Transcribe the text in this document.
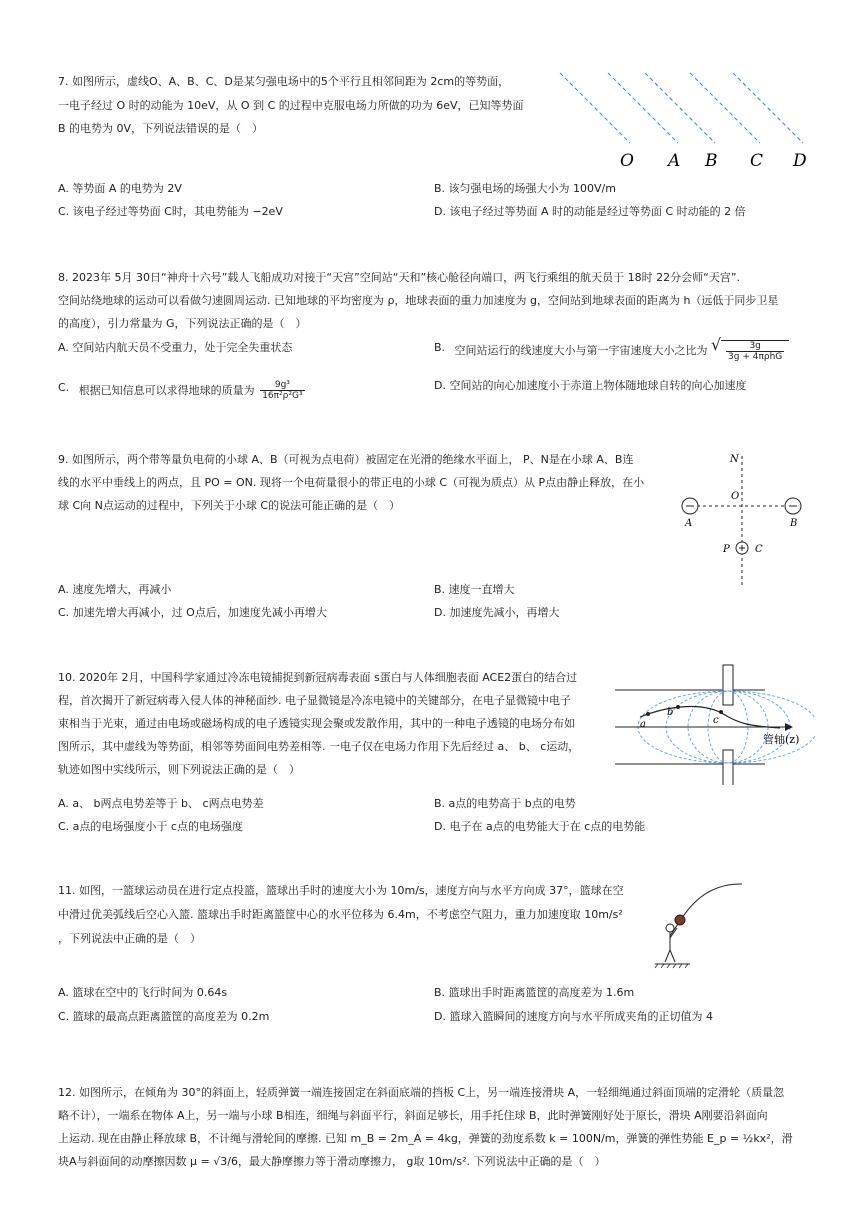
7. 如图所示，虚线O、A、B、C、D是某匀强电场中的5个平行且相邻间距为 2cm的等势面，
一电子经过 O 时的动能为 10eV，从 O 到 C 的过程中克服电场力所做的功为 6eV，已知等势面
B 的电势为 0V，下列说法错误的是（　）
A. 等势面 A 的电势为 2V	B. 该匀强电场的场强大小为 100V/m
C. 该电子经过等势面 C时，其电势能为 −2eV	D. 该电子经过等势面 A 时的动能是经过等势面 C 时动能的 2 倍
O A B C D
8. 2023年 5月 30日“神舟十六号”载人飞船成功对接于“天宫”空间站“天和”核心舱径向端口，两飞行乘组的航天员于 18时 22分会师“天宫”.
空间站绕地球的运动可以看做匀速圆周运动. 已知地球的平均密度为 ρ，地球表面的重力加速度为 g，空间站到地球表面的距离为 h（远低于同步卫星
的高度），引力常量为 G，下列说法正确的是（　）
A. 空间站内航天员不受重力，处于完全失重状态	B. 空间站运行的线速度大小与第一宇宙速度大小之比为
√ $\frac{3g}{\text{3g + 4πρhG}}$
C. 根据已知信息可以求得地球的质量为 $\frac{\text{9g³}}{\text{16π²ρ²G³}}$	D. 空间站的向心加速度小于赤道上物体随地球自转的向心加速度
9. 如图所示，两个带等量负电荷的小球 A、B（可视为点电荷）被固定在光滑的绝缘水平面上， P、N是在小球 A、B连
线的水平中垂线上的两点，且 PO = ON. 现将一个电荷量很小的带正电的小球 C（可视为质点）从 P点由静止释放，在小
球 C向 N点运动的过程中，下列关于小球 C的说法可能正确的是（　）
A. 速度先增大，再减小	B. 速度一直增大
C. 加速先增大再减小，过 O点后，加速度先减小再增大	D. 加速度先减小，再增大
N
O
A	B
P	C
10. 2020年 2月，中国科学家通过冷冻电镜捕捉到新冠病毒表面 s蛋白与人体细胞表面 ACE2蛋白的结合过
程，首次揭开了新冠病毒入侵人体的神秘面纱. 电子显微镜是冷冻电镜中的关键部分，在电子显微镜中电子
束相当于光束，通过由电场或磁场构成的电子透镜实现会聚或发散作用，其中的一种电子透镜的电场分布如
图所示，其中虚线为等势面，相邻等势面间电势差相等. 一电子仅在电场力作用下先后经过 a、 b、 c运动，
轨迹如图中实线所示，则下列说法正确的是（　）
A. a、 b两点电势差等于 b、 c两点电势差	B. a点的电势高于 b点的电势
C. a点的电场强度小于 c点的电场强度	D. 电子在 a点的电势能大于在 c点的电势能
a
b
c
管轴(z)
11. 如图，一篮球运动员在进行定点投篮，篮球出手时的速度大小为 10m/s，速度方向与水平方向成 37°，篮球在空
中滑过优美弧线后空心入篮. 篮球出手时距离篮筐中心的水平位移为 6.4m，不考虑空气阻力，重力加速度取 10m/s²
，下列说法中正确的是（　）
A. 篮球在空中的飞行时间为 0.64s	B. 篮球出手时距离篮筐的高度差为 1.6m
C. 篮球的最高点距离篮筐的高度差为 0.2m	D. 篮球入篮瞬间的速度方向与水平所成夹角的正切值为 4
12. 如图所示，在倾角为 30°的斜面上，轻质弹簧一端连接固定在斜面底端的挡板 C上，另一端连接滑块 A，一轻细绳通过斜面顶端的定滑轮（质量忽
略不计），一端系在物体 A上，另一端与小球 B相连，细绳与斜面平行，斜面足够长，用手托住球 B，此时弹簧刚好处于原长，滑块 A刚要沿斜面向
上运动. 现在由静止释放球 B，不计绳与滑轮间的摩擦. 已知 m_B = 2m_A = 4kg，弹簧的劲度系数 k = 100N/m，弹簧的弹性势能 E_p = ½kx²，滑
块A与斜面间的动摩擦因数 μ = √3/6，最大静摩擦力等于滑动摩擦力， g取 10m/s². 下列说法中正确的是（　）
